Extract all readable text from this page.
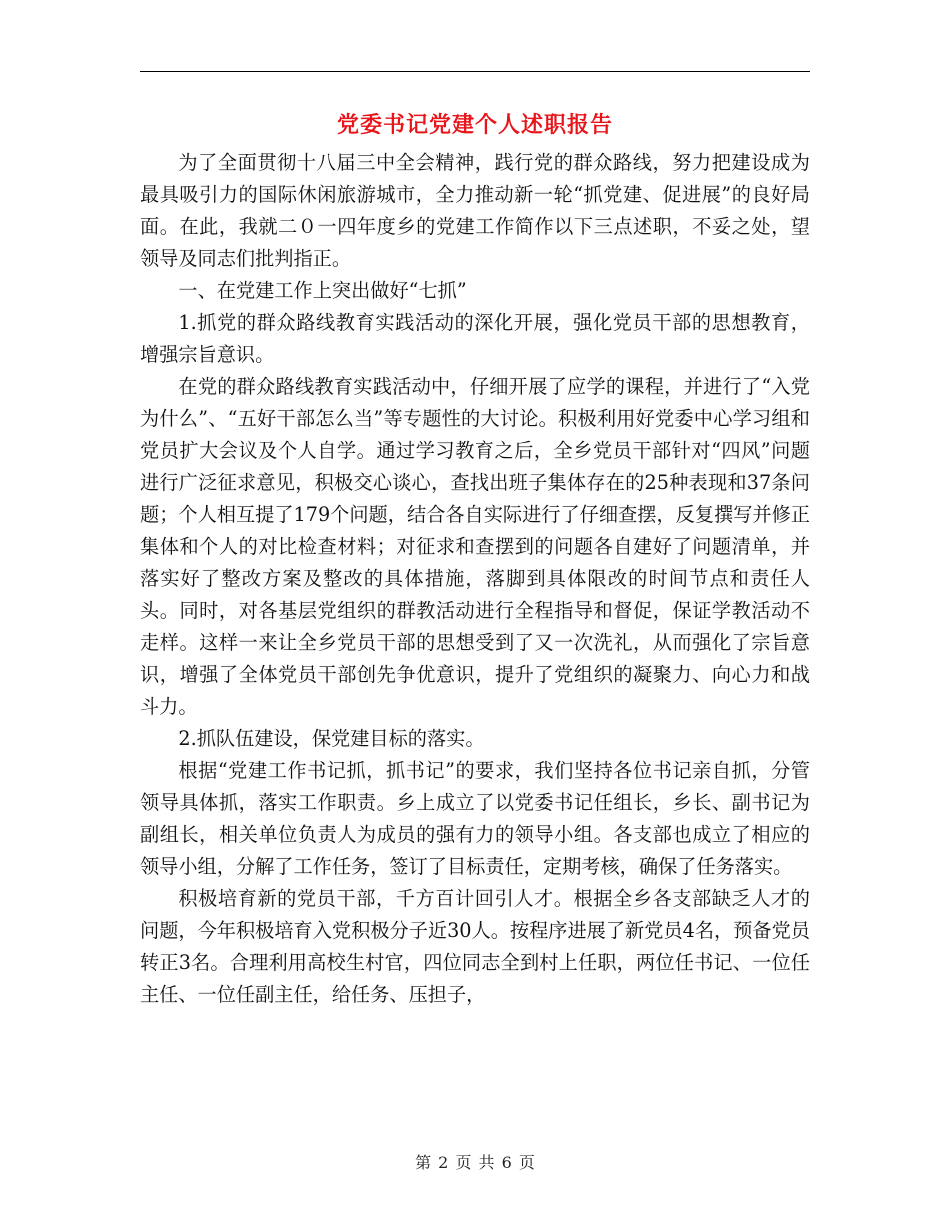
党委书记党建个人述职报告

为了全面贯彻十八届三中全会精神，践行党的群众路线，努力把建设成为最具吸引力的国际休闲旅游城市，全力推动新一轮“抓党建、促进展”的良好局面。在此，我就二０一四年度乡的党建工作简作以下三点述职，不妥之处，望领导及同志们批判指正。

一、在党建工作上突出做好“七抓”

1.抓党的群众路线教育实践活动的深化开展，强化党员干部的思想教育，增强宗旨意识。

在党的群众路线教育实践活动中，仔细开展了应学的课程，并进行了“入党为什么”、“五好干部怎么当”等专题性的大讨论。积极利用好党委中心学习组和党员扩大会议及个人自学。通过学习教育之后，全乡党员干部针对“四风”问题进行广泛征求意见，积极交心谈心，查找出班子集体存在的25种表现和37条问题；个人相互提了179个问题，结合各自实际进行了仔细查摆，反复撰写并修正集体和个人的对比检查材料；对征求和查摆到的问题各自建好了问题清单，并落实好了整改方案及整改的具体措施，落脚到具体限改的时间节点和责任人头。同时，对各基层党组织的群教活动进行全程指导和督促，保证学教活动不走样。这样一来让全乡党员干部的思想受到了又一次洗礼，从而强化了宗旨意识，增强了全体党员干部创先争优意识，提升了党组织的凝聚力、向心力和战斗力。

2.抓队伍建设，保党建目标的落实。

根据“党建工作书记抓，抓书记”的要求，我们坚持各位书记亲自抓，分管领导具体抓，落实工作职责。乡上成立了以党委书记任组长，乡长、副书记为副组长，相关单位负责人为成员的强有力的领导小组。各支部也成立了相应的领导小组，分解了工作任务，签订了目标责任，定期考核，确保了任务落实。

积极培育新的党员干部，千方百计回引人才。根据全乡各支部缺乏人才的问题，今年积极培育入党积极分子近30人。按程序进展了新党员4名，预备党员转正3名。合理利用高校生村官，四位同志全到村上任职，两位任书记、一位任主任、一位任副主任，给任务、压担子，

第 2 页 共 6 页
